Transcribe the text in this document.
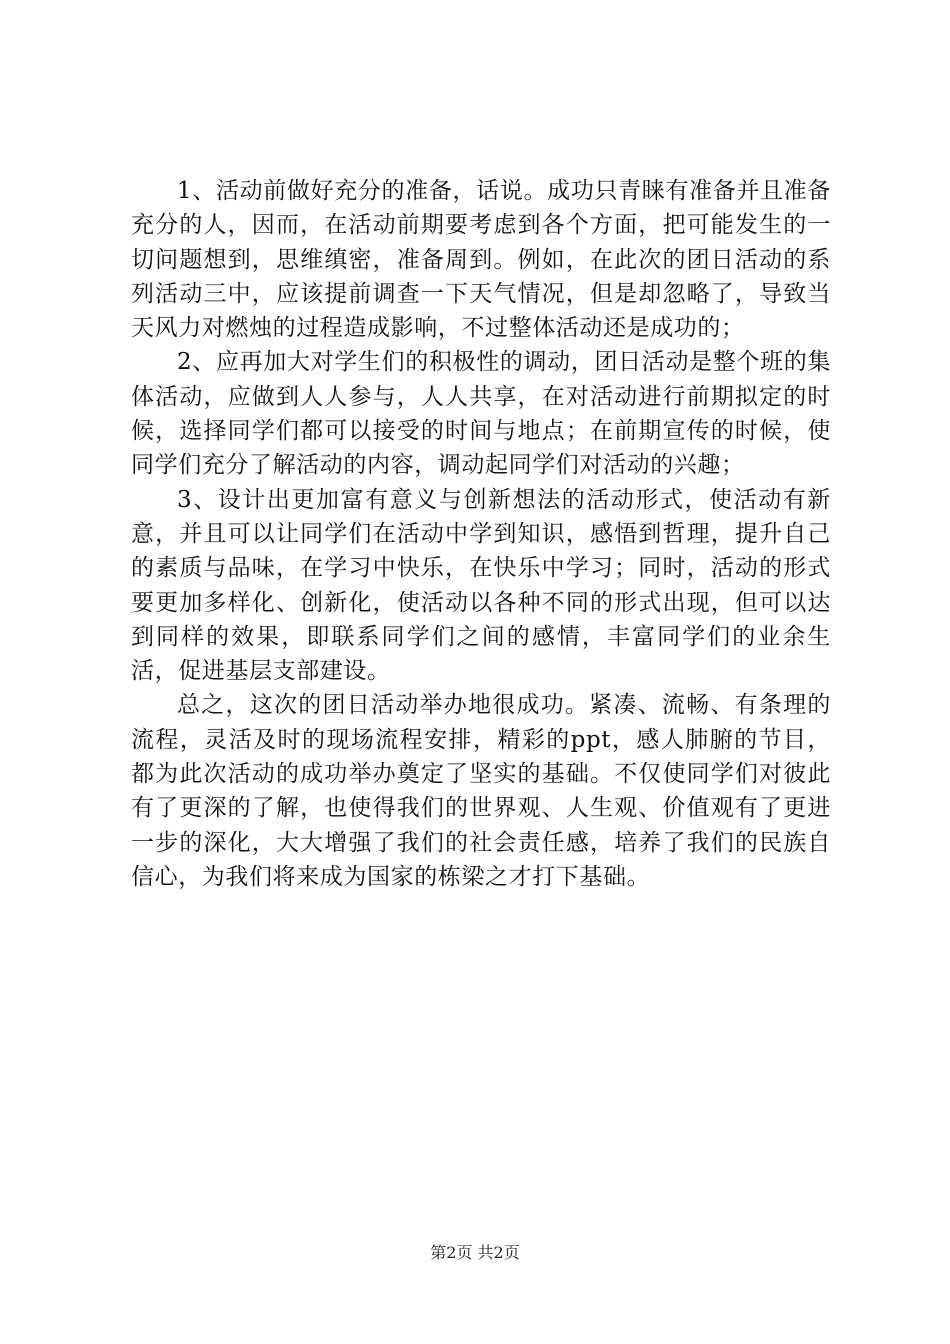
1、活动前做好充分的准备，话说。成功只青睐有准备并且准备充分的人，因而，在活动前期要考虑到各个方面，把可能发生的一切问题想到，思维缜密，准备周到。例如，在此次的团日活动的系列活动三中，应该提前调查一下天气情况，但是却忽略了，导致当天风力对燃烛的过程造成影响，不过整体活动还是成功的；

2、应再加大对学生们的积极性的调动，团日活动是整个班的集体活动，应做到人人参与，人人共享，在对活动进行前期拟定的时候，选择同学们都可以接受的时间与地点；在前期宣传的时候，使同学们充分了解活动的内容，调动起同学们对活动的兴趣；

3、设计出更加富有意义与创新想法的活动形式，使活动有新意，并且可以让同学们在活动中学到知识，感悟到哲理，提升自己的素质与品味，在学习中快乐，在快乐中学习；同时，活动的形式要更加多样化、创新化，使活动以各种不同的形式出现，但可以达到同样的效果，即联系同学们之间的感情，丰富同学们的业余生活，促进基层支部建设。

总之，这次的团日活动举办地很成功。紧凑、流畅、有条理的流程，灵活及时的现场流程安排，精彩的ppt，感人肺腑的节目，都为此次活动的成功举办奠定了坚实的基础。不仅使同学们对彼此有了更深的了解，也使得我们的世界观、人生观、价值观有了更进一步的深化，大大增强了我们的社会责任感，培养了我们的民族自信心，为我们将来成为国家的栋梁之才打下基础。

第2页 共2页
